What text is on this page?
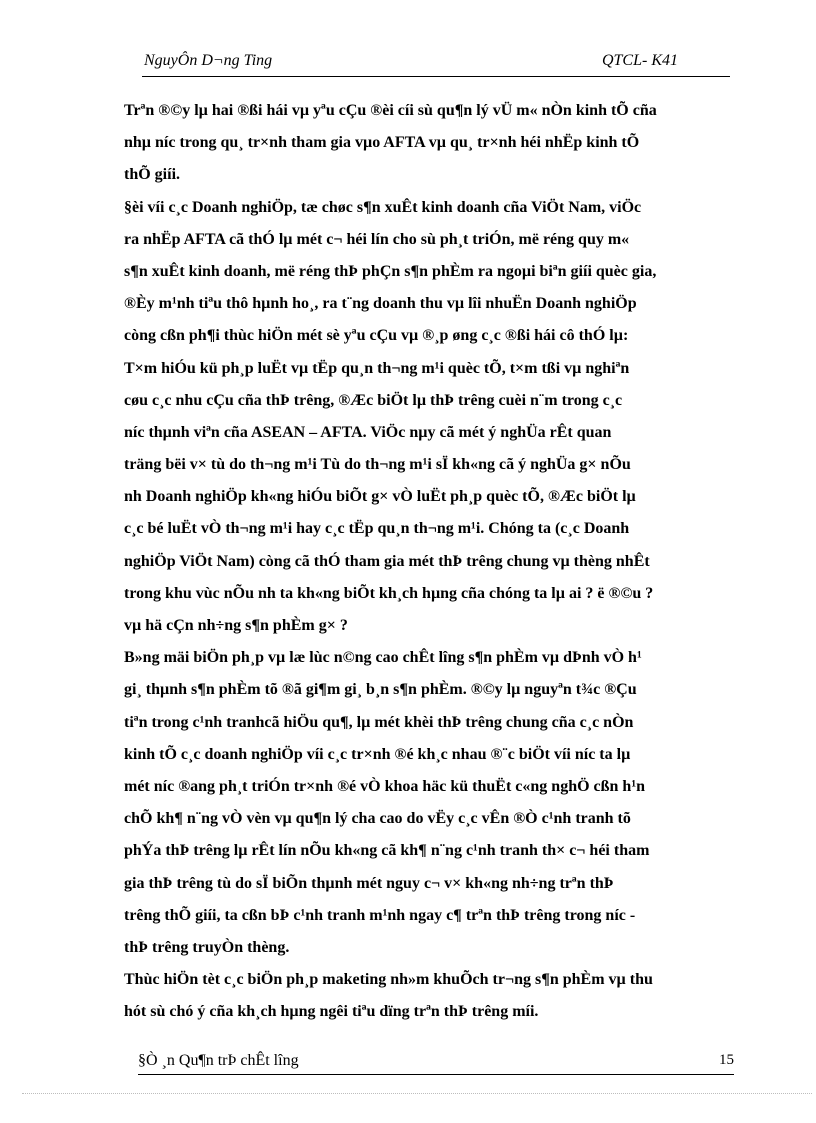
NguyÔn D¬ng Ting	QTCL- K41
Trªn ®©y lµ hai ®ßi hái vµ yªu cÇu ®èi cíi sù qu¶n lý vÜ m« nÒn kinh tÕ cña
nhµ níc trong qu¸ tr×nh tham gia vµo AFTA vµ qu¸ tr×nh héi nhËp kinh tÕ
thÕ giíi.
§èi víi c¸c Doanh nghiÖp, tæ chøc s¶n xuÊt kinh doanh cña ViÖt Nam, viÖc
ra nhËp AFTA cã thÓ lµ mét c¬ héi lín cho sù ph¸t triÓn, më réng quy m«
s¶n xuÊt kinh doanh, më réng thÞ phÇn s¶n phÈm ra ngoµi biªn giíi quèc gia,
®Èy m¹nh tiªu thô hµnh ho¸, ra t¨ng doanh thu vµ lîi nhuËn Doanh nghiÖp
còng cßn ph¶i thùc hiÖn mét sè yªu cÇu vµ ®¸p øng c¸c ®ßi hái cô thÓ lµ:
T×m hiÓu kü ph¸p luËt vµ tËp qu¸n th¬ng m¹i quèc tÕ, t×m tßi vµ nghiªn
cøu c¸c nhu cÇu cña thÞ trêng, ®Æc biÖt lµ thÞ trêng cuèi n¨m trong c¸c
níc thµnh viªn cña ASEAN – AFTA. ViÖc nµy cã mét ý nghÜa rÊt quan
träng bëi v× tù do th¬ng m¹i Tù do th¬ng m¹i sÏ kh«ng cã ý nghÜa g× nÕu
nh Doanh nghiÖp kh«ng hiÓu biÕt g× vÒ luËt ph¸p quèc tÕ, ®Æc biÖt lµ
c¸c bé luËt vÒ th¬ng m¹i hay c¸c tËp qu¸n th¬ng m¹i. Chóng ta (c¸c Doanh
nghiÖp ViÖt Nam) còng cã thÓ tham gia mét thÞ trêng chung vµ thèng nhÊt
trong khu vùc nÕu nh ta kh«ng biÕt kh¸ch hµng cña chóng ta lµ ai ? ë ®©u ?
vµ hä cÇn nh÷ng s¶n phÈm g× ?
B»ng mäi biÖn ph¸p vµ læ lùc n©ng cao chÊt lîng s¶n phÈm vµ dÞnh vÒ h¹
gi¸ thµnh s¶n phÈm tõ ®ã gi¶m gi¸ b¸n s¶n phÈm. ®©y lµ nguyªn t¾c ®Çu
tiªn trong c¹nh tranhcã hiÖu qu¶, lµ mét khèi thÞ trêng chung cña c¸c nÒn
kinh tÕ c¸c doanh nghiÖp víi c¸c tr×nh ®é kh¸c nhau ®¨c biÖt víi níc ta lµ
mét níc ®ang ph¸t triÓn tr×nh ®é vÒ khoa häc kü thuËt c«ng nghÖ cßn h¹n
chÕ kh¶ n¨ng vÒ vèn vµ qu¶n lý cha cao do vËy c¸c vÊn ®Ò c¹nh tranh tõ
phÝa thÞ trêng lµ rÊt lín nÕu kh«ng cã kh¶ n¨ng c¹nh tranh th× c¬ héi tham
gia thÞ trêng tù do sÏ biÕn thµnh mét nguy c¬ v× kh«ng nh÷ng trªn thÞ
trêng thÕ giíi, ta cßn bÞ c¹nh tranh m¹nh ngay c¶ trªn thÞ trêng trong níc -
thÞ trêng truyÒn thèng.
Thùc hiÖn tèt c¸c biÖn ph¸p maketing nh»m khuÕch tr¬ng s¶n phÈm vµ thu
hót sù chó ý cña kh¸ch hµng ngêi tiªu dïng trªn thÞ trêng míi.
§Ò ¸n Qu¶n trÞ chÊt lîng	15
